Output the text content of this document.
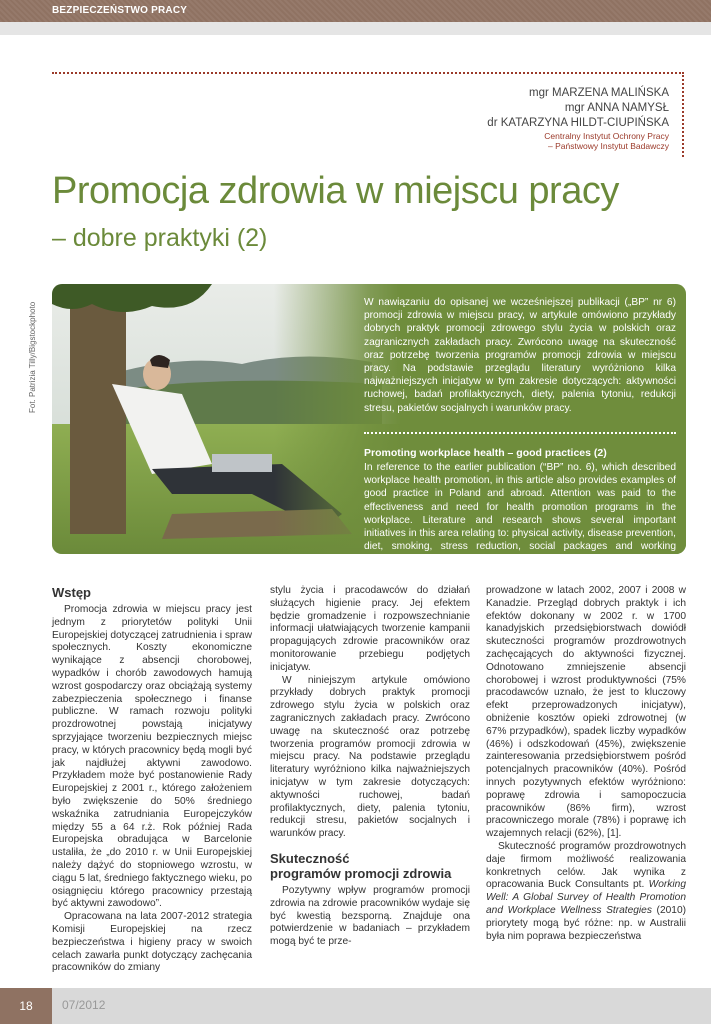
BEZPIECZEŃSTWO PRACY
mgr MARZENA MALIŃSKA
mgr ANNA NAMYSŁ
dr KATARZYNA HILDT-CIUPIŃSKA
Centralny Instytut Ochrony Pracy
– Państwowy Instytut Badawczy
Promocja zdrowia w miejscu pracy
– dobre praktyki (2)
Fot. Patrizia Tilly/Bigstockphoto	W nawiązaniu do opisanej we wcześniejszej publikacji („BP” nr 6) promocji zdrowia w miejscu pracy, w artykule omówiono przykłady dobrych praktyk promocji zdrowego stylu życia w polskich oraz zagranicznych zakładach pracy. Zwrócono uwagę na skuteczność oraz potrzebę tworzenia programów promocji zdrowia w miejscu pracy. Na podstawie przeglądu literatury wyróżniono kilka najważniejszych inicjatyw w tym zakresie dotyczących: aktywności ruchowej, badań profilaktycznych, diety, palenia tytoniu, redukcji stresu, pakietów socjalnych i warunków pracy.
Promoting workplace health – good practices (2)
In reference to the earlier publication (“BP” no. 6), which described workplace health promotion, in this article also provides examples of good practice in Poland and abroad. Attention was paid to the effectiveness and need for health promotion programs in the workplace. Literature and research shows several important initiatives in this area relating to: physical activity, disease prevention, diet, smoking, stress reduction, social packages and working conditions.
Wstęp

Promocja zdrowia w miejscu pracy jest jednym z priorytetów polityki Unii Europejskiej dotyczącej zatrudnienia i spraw społecznych. Koszty ekonomiczne wynikające z absencji chorobowej, wypadków i chorób zawodowych hamują wzrost gospodarczy oraz obciążają systemy zabezpieczenia społecznego i finanse publiczne. W ramach rozwoju polityki prozdrowotnej powstają inicjatywy sprzyjające tworzeniu bezpiecznych miejsc pracy, w których pracownicy będą mogli być jak najdłużej aktywni zawodowo. Przykładem może być postanowienie Rady Europejskiej z 2001 r., którego założeniem było zwiększenie do 50% średniego wskaźnika zatrudniania Europejczyków między 55 a 64 r.ż. Rok później Rada Europejska obradująca w Barcelonie ustaliła, że „do 2010 r. w Unii Europejskiej należy dążyć do stopniowego wzrostu, w ciągu 5 lat, średniego faktycznego wieku, po osiągnięciu którego pracownicy przestają być aktywni zawodowo”.

Opracowana na lata 2007-2012 strategia Komisji Europejskiej na rzecz bezpieczeństwa i higieny pracy w swoich celach zawarła punkt dotyczący zachęcania pracowników do zmiany

stylu życia i pracodawców do działań służących higienie pracy. Jej efektem będzie gromadzenie i rozpowszechnianie informacji ułatwiających tworzenie kampanii propagujących zdrowie pracowników oraz monitorowanie przebiegu podjętych inicjatyw.

W niniejszym artykule omówiono przykłady dobrych praktyk promocji zdrowego stylu życia w polskich oraz zagranicznych zakładach pracy. Zwrócono uwagę na skuteczność oraz potrzebę tworzenia programów promocji zdrowia w miejscu pracy. Na podstawie przeglądu literatury wyróżniono kilka najważniejszych inicjatyw w tym zakresie dotyczących: aktywności ruchowej, badań profilaktycznych, diety, palenia tytoniu, redukcji stresu, pakietów socjalnych i warunków pracy.

Skuteczność
programów promocji zdrowia

Pozytywny wpływ programów promocji zdrowia na zdrowie pracowników wydaje się być kwestią bezsporną. Znajduje ona potwierdzenie w badaniach – przykładem mogą być te prze-

prowadzone w latach 2002, 2007 i 2008 w Kanadzie. Przegląd dobrych praktyk i ich efektów dokonany w 2002 r. w 1700 kanadyjskich przedsiębiorstwach dowiódł skuteczności programów prozdrowotnych zachęcających do aktywności fizycznej. Odnotowano zmniejszenie absencji chorobowej i wzrost produktywności (75% pracodawców uznało, że jest to kluczowy efekt przeprowadzonych inicjatyw), obniżenie kosztów opieki zdrowotnej (w 67% przypadków), spadek liczby wypadków (46%) i odszkodowań (45%), zwiększenie zainteresowania przedsiębiorstwem pośród potencjalnych pracowników (40%). Pośród innych pozytywnych efektów wyróżniono: poprawę zdrowia i samopoczucia pracowników (86% firm), wzrost pracowniczego morale (78%) i poprawę ich wzajemnych relacji (62%), [1].

Skuteczność programów prozdrowotnych daje firmom możliwość realizowania konkretnych celów. Jak wynika z opracowania Buck Consultants pt. Working Well: A Global Survey of Health Promotion and Workplace Wellness Strategies (2010) priorytety mogą być różne: np. w Australii była nim poprawa bezpieczeństwa

18	07/2012
